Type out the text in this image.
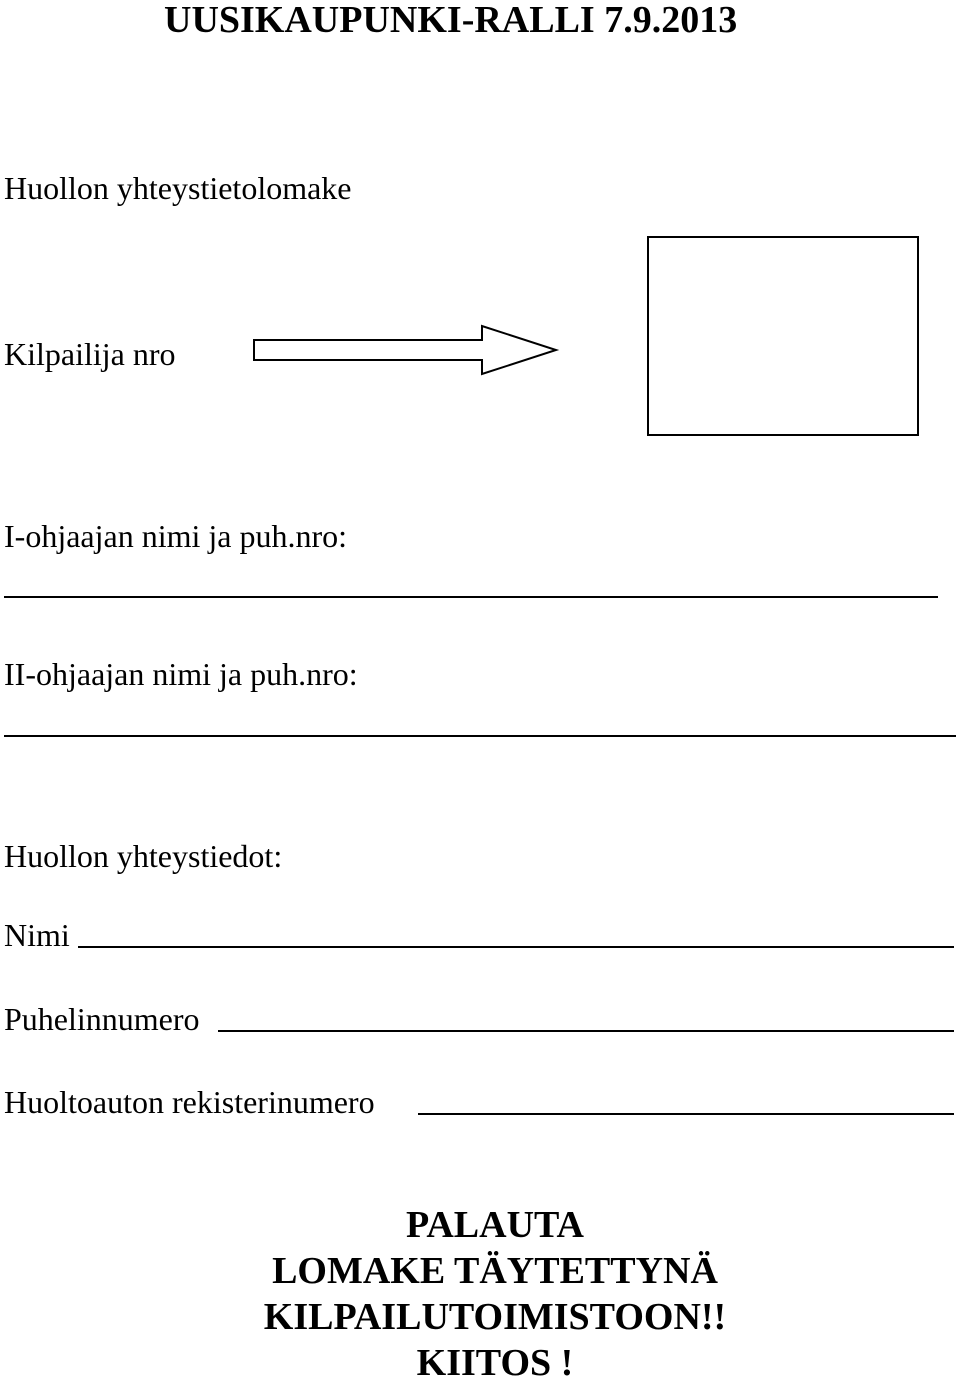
UUSIKAUPUNKI-RALLI 7.9.2013
Huollon yhteystietolomake
Kilpailija nro
I-ohjaajan nimi ja puh.nro:
II-ohjaajan nimi ja puh.nro:
Huollon yhteystiedot:
Nimi
Puhelinnumero
Huoltoauton rekisterinumero
PALAUTA
LOMAKE TÄYTETTYNÄ
KILPAILUTOIMISTOON!!
KIITOS !
